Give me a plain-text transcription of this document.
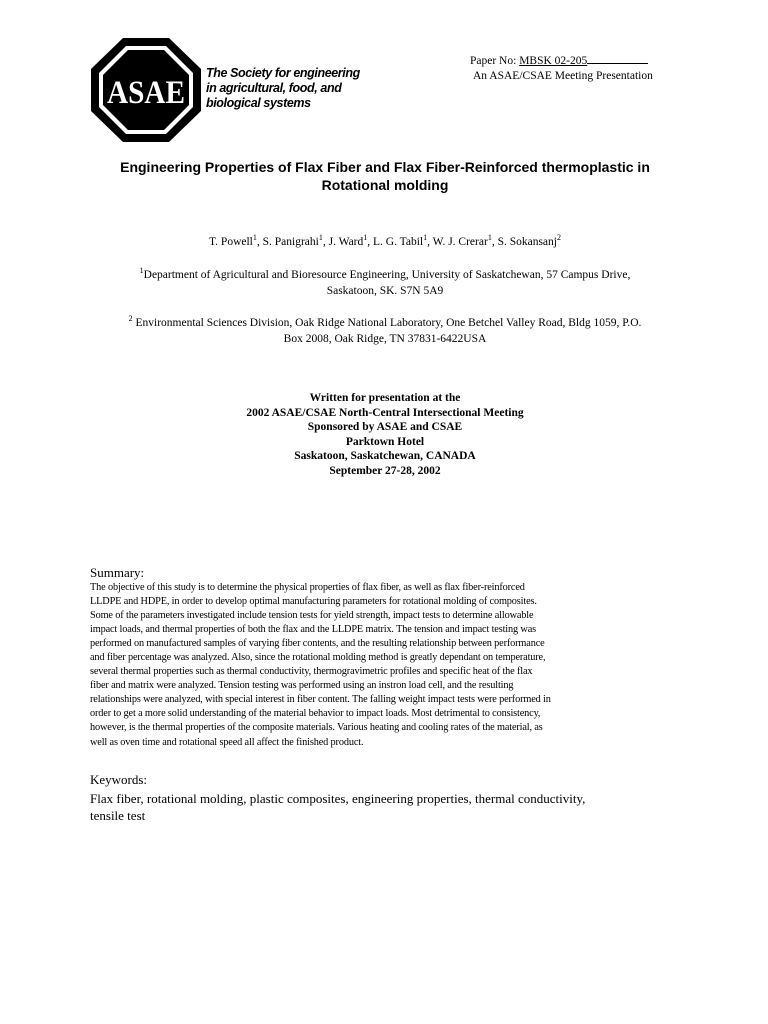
ASAE
The Society for engineering
in agricultural, food, and
biological systems
Paper No: MBSK 02-205
An ASAE/CSAE Meeting Presentation
Engineering Properties of Flax Fiber and Flax Fiber-Reinforced thermoplastic in
Rotational molding
T. Powell$^1$, S. Panigrahi$^1$, J. Ward$^1$, L. G. Tabil$^1$, W. J. Crerar$^1$, S. Sokansanj$^2$
$^1$Department of Agricultural and Bioresource Engineering, University of Saskatchewan, 57 Campus Drive,
Saskatoon, SK. S7N 5A9
$^2$ Environmental Sciences Division, Oak Ridge National Laboratory, One Betchel Valley Road, Bldg 1059, P.O.
Box 2008, Oak Ridge, TN 37831-6422USA
Written for presentation at the
2002 ASAE/CSAE North-Central Intersectional Meeting
Sponsored by ASAE and CSAE
Parktown Hotel
Saskatoon, Saskatchewan, CANADA
September 27-28, 2002
Summary:
The objective of this study is to determine the physical properties of flax fiber, as well as flax fiber-reinforced
LLDPE and HDPE, in order to develop optimal manufacturing parameters for rotational molding of composites.
Some of the parameters investigated include tension tests for yield strength, impact tests to determine allowable
impact loads, and thermal properties of both the flax and the LLDPE matrix. The tension and impact testing was
performed on manufactured samples of varying fiber contents, and the resulting relationship between performance
and fiber percentage was analyzed. Also, since the rotational molding method is greatly dependant on temperature,
several thermal properties such as thermal conductivity, thermogravimetric profiles and specific heat of the flax
fiber and matrix were analyzed. Tension testing was performed using an instron load cell, and the resulting
relationships were analyzed, with special interest in fiber content. The falling weight impact tests were performed in
order to get a more solid understanding of the material behavior to impact loads. Most detrimental to consistency,
however, is the thermal properties of the composite materials. Various heating and cooling rates of the material, as
well as oven time and rotational speed all affect the finished product.
Keywords:
Flax fiber, rotational molding, plastic composites, engineering properties, thermal conductivity,
tensile test
